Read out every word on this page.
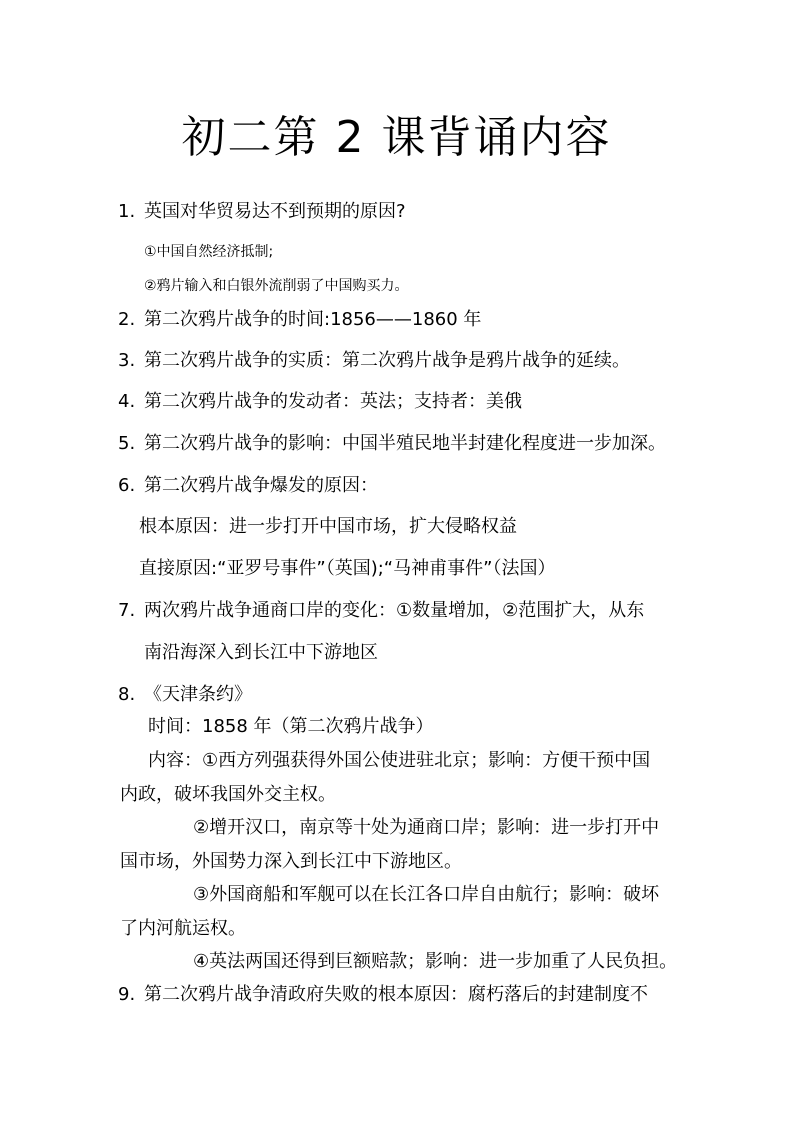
初二第 2 课背诵内容
1. 英国对华贸易达不到预期的原因?
①中国自然经济抵制;
②鸦片输入和白银外流削弱了中国购买力。
2. 第二次鸦片战争的时间:1856——1860 年
3. 第二次鸦片战争的实质：第二次鸦片战争是鸦片战争的延续。
4. 第二次鸦片战争的发动者：英法；支持者：美俄
5. 第二次鸦片战争的影响：中国半殖民地半封建化程度进一步加深。
6. 第二次鸦片战争爆发的原因：
根本原因：进一步打开中国市场，扩大侵略权益
直接原因:“亚罗号事件”（英国);“马神甫事件”（法国）
7. 两次鸦片战争通商口岸的变化：①数量增加，②范围扩大，从东
南沿海深入到长江中下游地区
8. 《天津条约》
时间：1858 年（第二次鸦片战争）
内容：①西方列强获得外国公使进驻北京；影响：方便干预中国
内政，破坏我国外交主权。
②增开汉口，南京等十处为通商口岸；影响：进一步打开中
国市场，外国势力深入到长江中下游地区。
③外国商船和军舰可以在长江各口岸自由航行；影响：破坏
了内河航运权。
④英法两国还得到巨额赔款；影响：进一步加重了人民负担。
9. 第二次鸦片战争清政府失败的根本原因：腐朽落后的封建制度不
